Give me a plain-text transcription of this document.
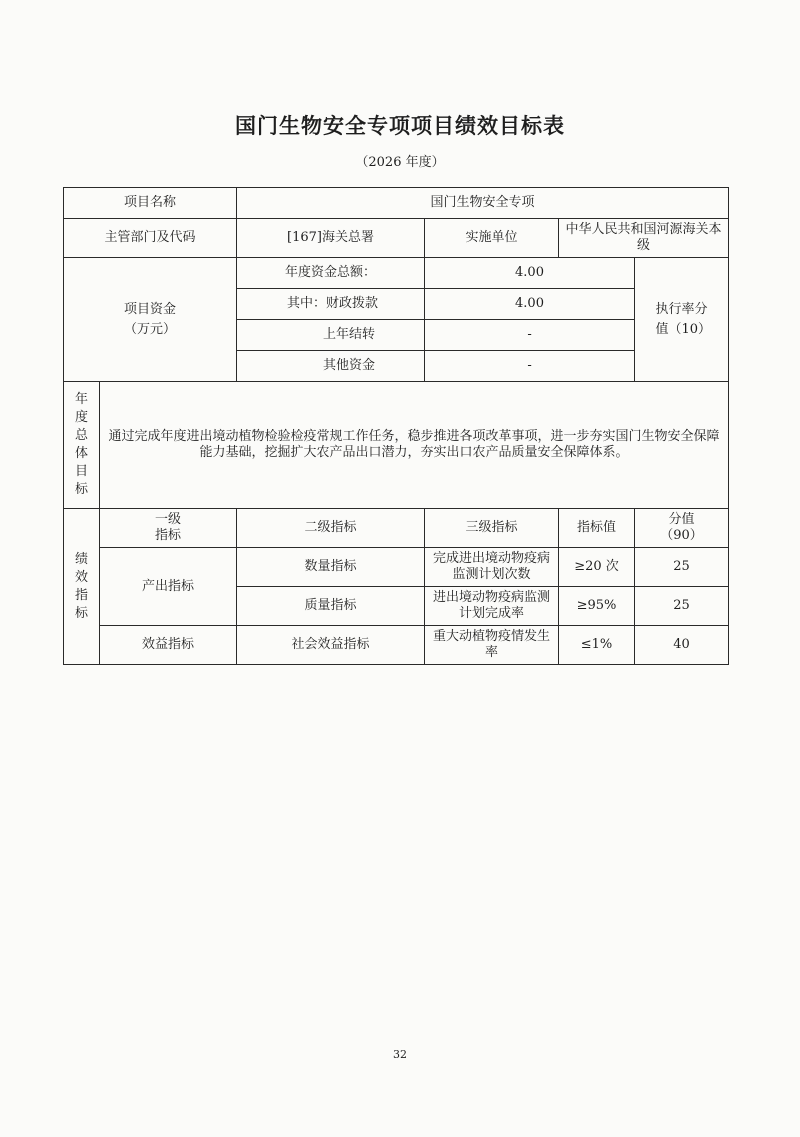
国门生物安全专项项目绩效目标表
（2026 年度）
项目名称		国门生物安全专项			
主管部门及代码		[167]海关总署	实施单位	中华人民共和国河源海关本级	
项目资金（万元）		年度资金总额：	4.00		执行率分值（10）
		其中：财政拨款	4.00		
		上年结转	-		
		其他资金	-		

年度总体目标	通过完成年度进出境动植物检验检疫常规工作任务，稳步推进各项改革事项，进一步夯实国门生物安全保障能力基础，挖掘扩大农产品出口潜力，夯实出口农产品质量安全保障体系。				

绩效指标	一级指标	二级指标	三级指标	指标值	分值（90）
	产出指标	数量指标	完成进出境动物疫病监测计划次数	≥20 次	25
		质量指标	进出境动物疫病监测计划完成率	≥95%	25
	效益指标	社会效益指标	重大动植物疫情发生率	≤1%	40
32
